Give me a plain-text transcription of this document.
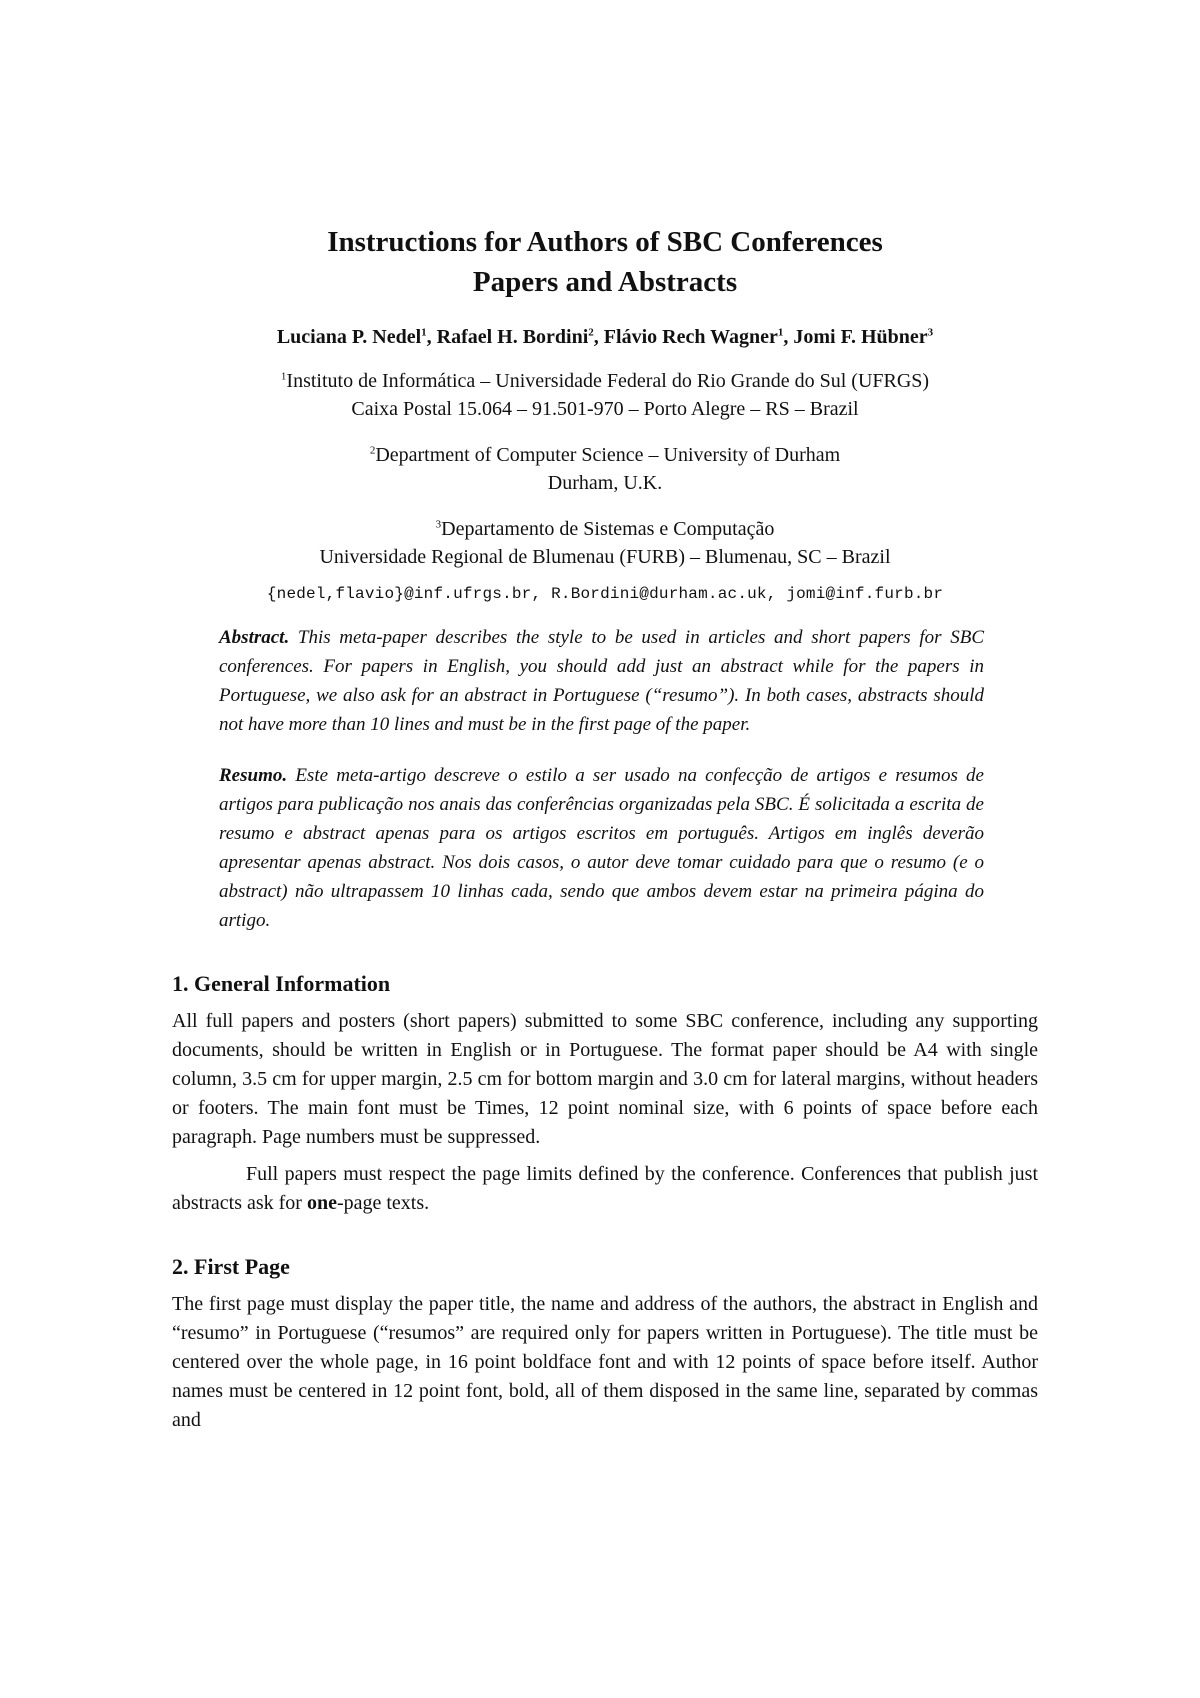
Instructions for Authors of SBC Conferences
Papers and Abstracts
Luciana P. Nedel$^1$, Rafael H. Bordini$^2$, Flávio Rech Wagner$^1$, Jomi F. Hübner$^3$
$^1$Instituto de Informática – Universidade Federal do Rio Grande do Sul (UFRGS)
Caixa Postal 15.064 – 91.501-970 – Porto Alegre – RS – Brazil
$^2$Department of Computer Science – University of Durham
Durham, U.K.
$^3$Departamento de Sistemas e Computação
Universidade Regional de Blumenau (FURB) – Blumenau, SC – Brazil
{nedel,flavio}@inf.ufrgs.br, R.Bordini@durham.ac.uk, jomi@inf.furb.br
Abstract. This meta-paper describes the style to be used in articles and short papers for SBC conferences. For papers in English, you should add just an abstract while for the papers in Portuguese, we also ask for an abstract in Portuguese (“resumo”). In both cases, abstracts should not have more than 10 lines and must be in the first page of the paper.
Resumo. Este meta-artigo descreve o estilo a ser usado na confecção de artigos e resumos de artigos para publicação nos anais das conferências organizadas pela SBC. É solicitada a escrita de resumo e abstract apenas para os artigos escritos em português. Artigos em inglês deverão apresentar apenas abstract. Nos dois casos, o autor deve tomar cuidado para que o resumo (e o abstract) não ultrapassem 10 linhas cada, sendo que ambos devem estar na primeira página do artigo.
1. General Information

All full papers and posters (short papers) submitted to some SBC conference, including any supporting documents, should be written in English or in Portuguese. The format paper should be A4 with single column, 3.5 cm for upper margin, 2.5 cm for bottom margin and 3.0 cm for lateral margins, without headers or footers. The main font must be Times, 12 point nominal size, with 6 points of space before each paragraph. Page numbers must be suppressed.

Full papers must respect the page limits defined by the conference. Conferences that publish just abstracts ask for one-page texts.

2. First Page

The first page must display the paper title, the name and address of the authors, the abstract in English and “resumo” in Portuguese (“resumos” are required only for papers written in Portuguese). The title must be centered over the whole page, in 16 point boldface font and with 12 points of space before itself. Author names must be centered in 12 point font, bold, all of them disposed in the same line, separated by commas and
